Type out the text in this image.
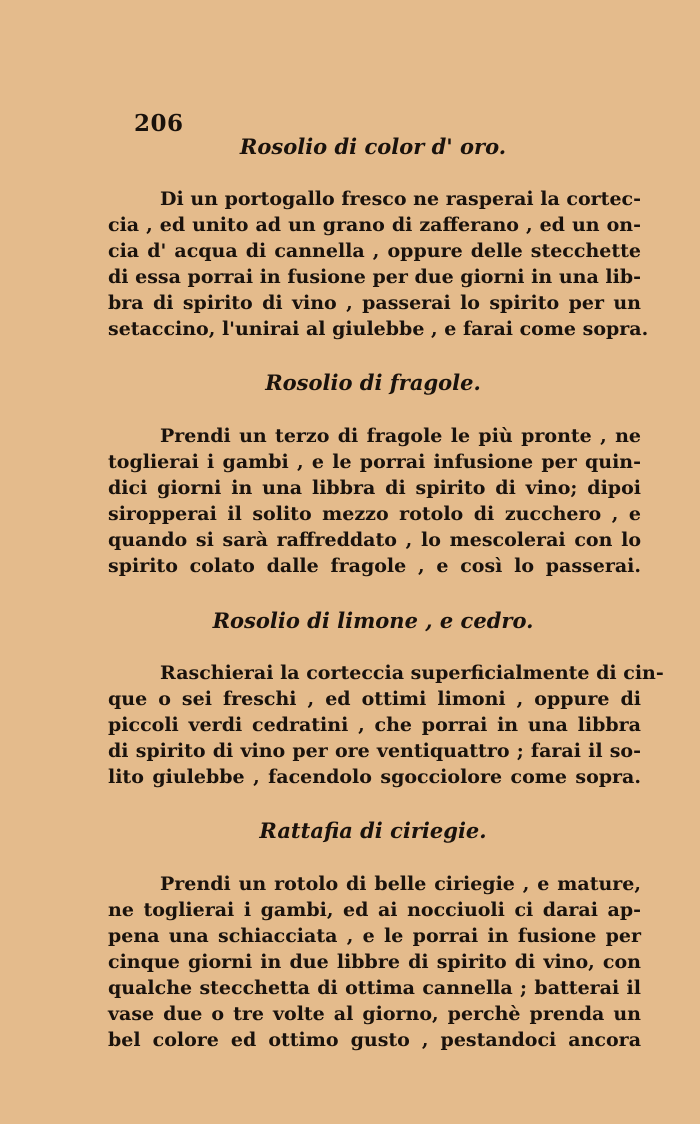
206
Rosolio di color d' oro.
Di un portogallo fresco ne rasperai la cortec-
cia , ed unito ad un grano di zafferano , ed un on-
cia d' acqua di cannella , oppure delle stecchette
di essa porrai in fusione per due giorni in una lib-
bra di spirito di vino , passerai lo spirito per un
setaccino, l'unirai al giulebbe , e farai come sopra.
Rosolio di fragole.
Prendi un terzo di fragole le più pronte , ne
toglierai i gambi , e le porrai infusione per quin-
dici giorni in una libbra di spirito di vino; dipoi
siropperai il solito mezzo rotolo di zucchero , e
quando si sarà raffreddato , lo mescolerai con lo
spirito colato dalle fragole , e così lo passerai.
Rosolio di limone , e cedro.
Raschierai la corteccia superficialmente di cin-
que o sei freschi , ed ottimi limoni , oppure di
piccoli verdi cedratini , che porrai in una libbra
di spirito di vino per ore ventiquattro ; farai il so-
lito giulebbe , facendolo sgocciolore come sopra.
Rattafia di ciriegie.
Prendi un rotolo di belle ciriegie , e mature,
ne toglierai i gambi, ed ai nocciuoli ci darai ap-
pena una schiacciata , e le porrai in fusione per
cinque giorni in due libbre di spirito di vino, con
qualche stecchetta di ottima cannella ; batterai il
vase due o tre volte al giorno, perchè prenda un
bel colore ed ottimo gusto , pestandoci ancora
